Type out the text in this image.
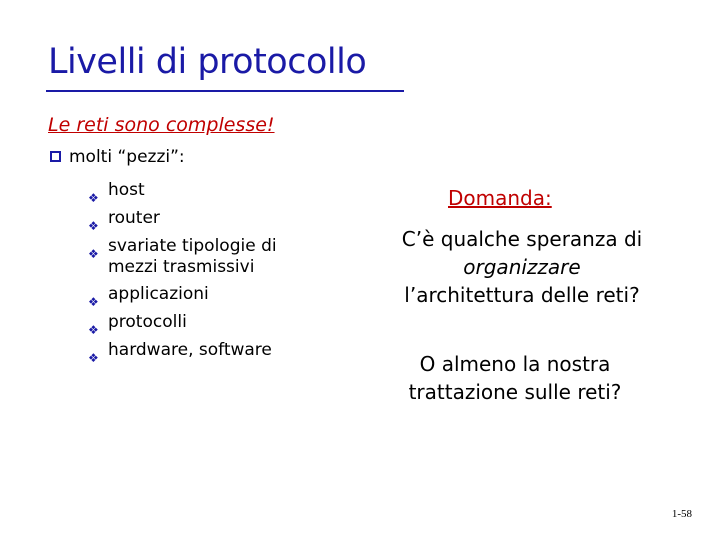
Livelli di protocollo
Le reti sono complesse!
molti “pezzi”:
❖ host
❖ router
❖ svariate tipologie di
mezzi trasmissivi
❖ applicazioni
❖ protocolli
❖ hardware, software
Domanda:
C’è qualche speranza di
organizzare
l’architettura delle reti?
O almeno la nostra
trattazione sulle reti?
1-58
